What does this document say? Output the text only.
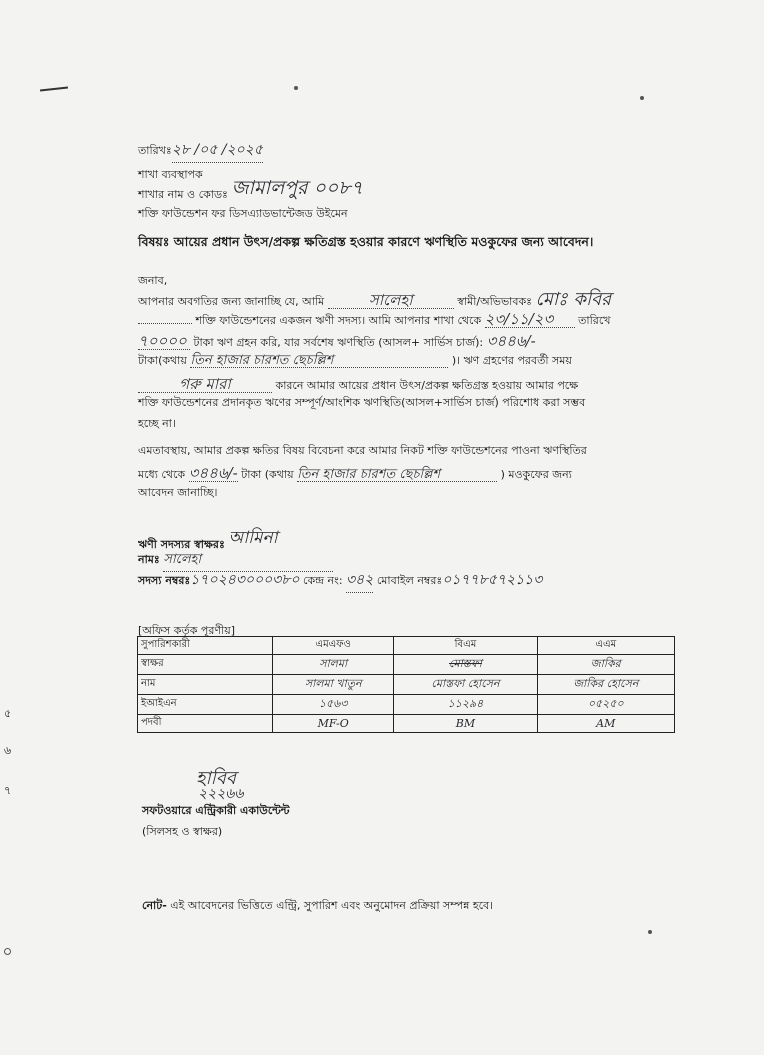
৫
৬
৭
তারিখঃ২৮ /০৫ /২০২৫
শাখা ব্যবস্থাপক
শাখার নাম ও কোডঃ জামালপুর ০০৮৭
শক্তি ফাউন্ডেশন ফর ডিসএ্যাডভান্টেজড উইমেন
বিষয়ঃ আয়ের প্রধান উৎস/প্রকল্প ক্ষতিগ্রস্ত হওয়ার কারণে ঋণস্থিতি মওকুফের জন্য আবেদন।
জনাব,
আপনার অবগতির জন্য জানাচ্ছি যে, আমি	সালেহা	স্বামী/অভিভাবকঃ মোঃ কবির
শক্তি ফাউন্ডেশনের একজন ঋণী সদস্য। আমি আপনার শাখা থেকে ২৩/১১/২৩ তারিখে
৭০০০০ টাকা ঋণ গ্রহন করি, যার সর্বশেষ ঋণস্থিতি (আসল+ সার্ভিস চার্জ): ৩৪৪৬/-
টাকা(কথায় তিন হাজার চারশত ছেচল্লিশ	)। ঋণ গ্রহণের পরবর্তী সময়
গরু মারা	কারনে আমার আয়ের প্রধান উৎস/প্রকল্প ক্ষতিগ্রস্ত হওয়ায় আমার পক্ষে
শক্তি ফাউন্ডেশনের প্রদানকৃত ঋণের সম্পূর্ণ/আংশিক ঋণস্থিতি(আসল+সার্ভিস চার্জ) পরিশোধ করা সম্ভব
হচ্ছে না।
এমতাবস্থায়, আমার প্রকল্প ক্ষতির বিষয় বিবেচনা করে আমার নিকট শক্তি ফাউন্ডেশনের পাওনা ঋণস্থিতির
মধ্যে থেকে ৩৪৪৬/- টাকা (কথায় তিন হাজার চারশত ছেচল্লিশ	) মওকুফের জন্য
আবেদন জানাচ্ছি।
ঋণী সদস্যর স্বাক্ষরঃ আমিনা
নামঃ সালেহা
সদস্য নম্বরঃ১৭০২৪৩০০০৩৮০ কেন্দ্র নং: ৩৪২ মোবাইল নম্বরঃ০১৭৭৮৫৭২১১৩
[অফিস কর্তৃক পূরণীয়]
সুপারিশকারী	এমএফও	বিএম	এএম
স্বাক্ষর	সালমা	মোস্তফা	জাকির
নাম	সালমা খাতুন	মোস্তফা হোসেন	জাকির হোসেন
ইআইএন	১৫৬৩	১১২৯৪	০৫২৫০
পদবী	MF-O	BM	AM
হাবিব
২২২৬৬
সফটওয়ারে এন্ট্রিকারী একাউন্টেন্ট
(সিলসহ ও স্বাক্ষর)
নোট- এই আবেদনের ভিত্তিতে এন্ট্রি, সুপারিশ এবং অনুমোদন প্রক্রিয়া সম্পন্ন হবে।
